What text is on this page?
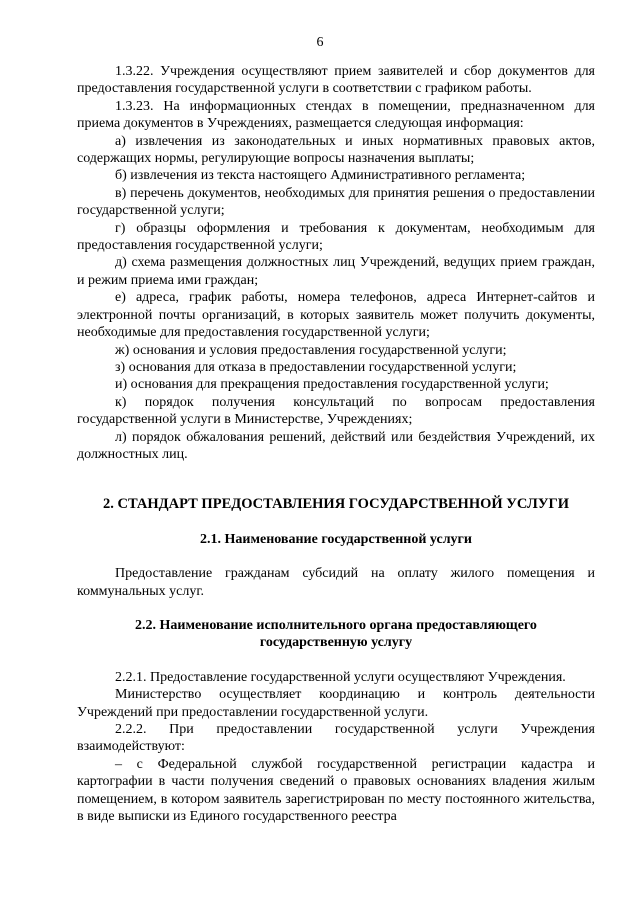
6

1.3.22. Учреждения осуществляют прием заявителей и сбор документов для предоставления государственной услуги в соответствии с графиком работы.

1.3.23. На информационных стендах в помещении, предназначенном для приема документов в Учреждениях, размещается следующая информация:

а) извлечения из законодательных и иных нормативных правовых актов, содержащих нормы, регулирующие вопросы назначения выплаты;

б) извлечения из текста настоящего Административного регламента;

в) перечень документов, необходимых для принятия решения о предоставлении государственной услуги;

г) образцы оформления и требования к документам, необходимым для предоставления государственной услуги;

д) схема размещения должностных лиц Учреждений, ведущих прием граждан, и режим приема ими граждан;

е) адреса, график работы, номера телефонов, адреса Интернет-сайтов и электронной почты организаций, в которых заявитель может получить документы, необходимые для предоставления государственной услуги;

ж) основания и условия предоставления государственной услуги;

з) основания для отказа в предоставлении государственной услуги;

и) основания для прекращения предоставления государственной услуги;

к) порядок получения консультаций по вопросам предоставления государственной услуги в Министерстве, Учреждениях;

л) порядок обжалования решений, действий или бездействия Учреждений, их должностных лиц.

2. СТАНДАРТ ПРЕДОСТАВЛЕНИЯ ГОСУДАРСТВЕННОЙ УСЛУГИ
2.1. Наименование государственной услуги

Предоставление гражданам субсидий на оплату жилого помещения и коммунальных услуг.

2.2. Наименование исполнительного органа предоставляющего
государственную услугу

2.2.1. Предоставление государственной услуги осуществляют Учреждения.

Министерство осуществляет координацию и контроль деятельности Учреждений при предоставлении государственной услуги.

2.2.2. При предоставлении государственной услуги Учреждения взаимодействуют:

– с Федеральной службой государственной регистрации кадастра и картографии в части получения сведений о правовых основаниях владения жилым помещением, в котором заявитель зарегистрирован по месту постоянного жительства, в виде выписки из Единого государственного реестра
